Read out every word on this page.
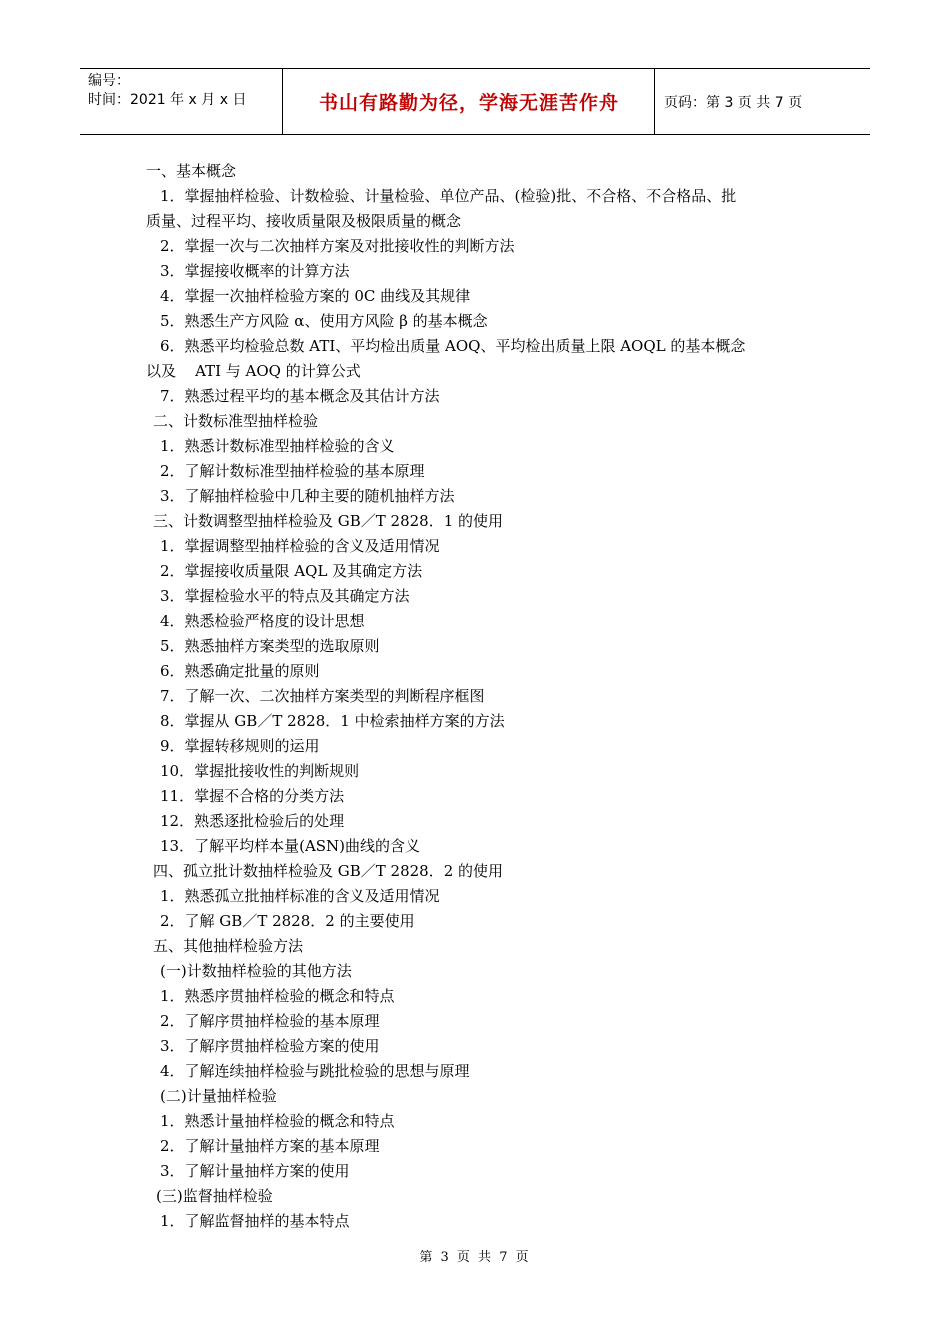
编号：
时间：2021 年 x 月 x 日	书山有路勤为径，学海无涯苦作舟	页码：第 3 页 共 7 页
一、基本概念
1．掌握抽样检验、计数检验、计量检验、单位产品、(检验)批、不合格、不合格品、批
质量、过程平均、接收质量限及极限质量的概念
2．掌握一次与二次抽样方案及对批接收性的判断方法
3．掌握接收概率的计算方法
4．掌握一次抽样检验方案的 0C 曲线及其规律
5．熟悉生产方风险 α、使用方风险 β 的基本概念
6．熟悉平均检验总数 ATI、平均检出质量 AOQ、平均检出质量上限 AOQL 的基本概念
以及    ATI 与 AOQ 的计算公式
7．熟悉过程平均的基本概念及其估计方法
二、计数标准型抽样检验
1．熟悉计数标准型抽样检验的含义
2．了解计数标准型抽样检验的基本原理
3．了解抽样检验中几种主要的随机抽样方法
三、计数调整型抽样检验及 GB／T 2828．1 的使用
1．掌握调整型抽样检验的含义及适用情况
2．掌握接收质量限 AQL 及其确定方法
3．掌握检验水平的特点及其确定方法
4．熟悉检验严格度的设计思想
5．熟悉抽样方案类型的选取原则
6．熟悉确定批量的原则
7．了解一次、二次抽样方案类型的判断程序框图
8．掌握从 GB／T 2828．1 中检索抽样方案的方法
9．掌握转移规则的运用
10．掌握批接收性的判断规则
11．掌握不合格的分类方法
12．熟悉逐批检验后的处理
13．了解平均样本量(ASN)曲线的含义
四、孤立批计数抽样检验及 GB／T 2828．2 的使用
1．熟悉孤立批抽样标准的含义及适用情况
2．了解 GB／T 2828．2 的主要使用
五、其他抽样检验方法
(一)计数抽样检验的其他方法
1．熟悉序贯抽样检验的概念和特点
2．了解序贯抽样检验的基本原理
3．了解序贯抽样检验方案的使用
4．了解连续抽样检验与跳批检验的思想与原理
(二)计量抽样检验
1．熟悉计量抽样检验的概念和特点
2．了解计量抽样方案的基本原理
3．了解计量抽样方案的使用
(三)监督抽样检验
1．了解监督抽样的基本特点
第 3 页 共 7 页
